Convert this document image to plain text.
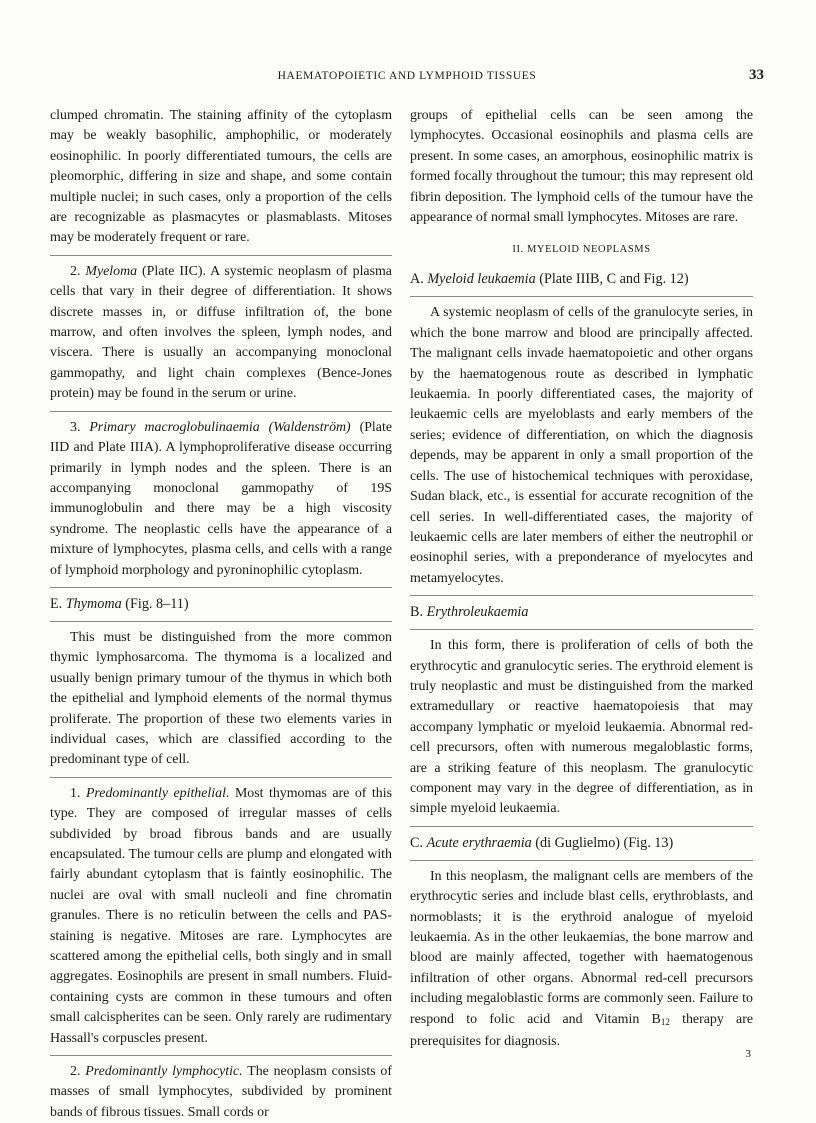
HAEMATOPOIETIC AND LYMPHOID TISSUES	33

clumped chromatin. The staining affinity of the cytoplasm may be weakly basophilic, amphophilic, or moderately eosinophilic. In poorly differentiated tumours, the cells are pleomorphic, differing in size and shape, and some contain multiple nuclei; in such cases, only a proportion of the cells are recognizable as plasmacytes or plasmablasts. Mitoses may be moderately frequent or rare.

2. Myeloma (Plate IIC). A systemic neoplasm of plasma cells that vary in their degree of differentiation. It shows discrete masses in, or diffuse infiltration of, the bone marrow, and often involves the spleen, lymph nodes, and viscera. There is usually an accompanying monoclonal gammopathy, and light chain complexes (Bence-Jones protein) may be found in the serum or urine.

3. Primary macroglobulinaemia (Waldenström) (Plate IID and Plate IIIA). A lymphoproliferative disease occurring primarily in lymph nodes and the spleen. There is an accompanying monoclonal gammopathy of 19S immunoglobulin and there may be a high viscosity syndrome. The neoplastic cells have the appearance of a mixture of lymphocytes, plasma cells, and cells with a range of lymphoid morphology and pyroninophilic cytoplasm.

E. Thymoma (Fig. 8–11)

This must be distinguished from the more common thymic lymphosarcoma. The thymoma is a localized and usually benign primary tumour of the thymus in which both the epithelial and lymphoid elements of the normal thymus proliferate. The proportion of these two elements varies in individual cases, which are classified according to the predominant type of cell.

1. Predominantly epithelial. Most thymomas are of this type. They are composed of irregular masses of cells subdivided by broad fibrous bands and are usually encapsulated. The tumour cells are plump and elongated with fairly abundant cytoplasm that is faintly eosinophilic. The nuclei are oval with small nucleoli and fine chromatin granules. There is no reticulin between the cells and PAS-staining is negative. Mitoses are rare. Lymphocytes are scattered among the epithelial cells, both singly and in small aggregates. Eosinophils are present in small numbers. Fluid-containing cysts are common in these tumours and often small calcispherites can be seen. Only rarely are rudimentary Hassall's corpuscles present.

2. Predominantly lymphocytic. The neoplasm consists of masses of small lymphocytes, subdivided by prominent bands of fibrous tissues. Small cords or

groups of epithelial cells can be seen among the lymphocytes. Occasional eosinophils and plasma cells are present. In some cases, an amorphous, eosinophilic matrix is formed focally throughout the tumour; this may represent old fibrin deposition. The lymphoid cells of the tumour have the appearance of normal small lymphocytes. Mitoses are rare.

II. MYELOID NEOPLASMS
A. Myeloid leukaemia (Plate IIIB, C and Fig. 12)

A systemic neoplasm of cells of the granulocyte series, in which the bone marrow and blood are principally affected. The malignant cells invade haematopoietic and other organs by the haematogenous route as described in lymphatic leukaemia. In poorly differentiated cases, the majority of leukaemic cells are myeloblasts and early members of the series; evidence of differentiation, on which the diagnosis depends, may be apparent in only a small proportion of the cells. The use of histochemical techniques with peroxidase, Sudan black, etc., is essential for accurate recognition of the cell series. In well-differentiated cases, the majority of leukaemic cells are later members of either the neutrophil or eosinophil series, with a preponderance of myelocytes and metamyelocytes.

B. Erythroleukaemia

In this form, there is proliferation of cells of both the erythrocytic and granulocytic series. The erythroid element is truly neoplastic and must be distinguished from the marked extramedullary or reactive haematopoiesis that may accompany lymphatic or myeloid leukaemia. Abnormal red-cell precursors, often with numerous megaloblastic forms, are a striking feature of this neoplasm. The granulocytic component may vary in the degree of differentiation, as in simple myeloid leukaemia.

C. Acute erythraemia (di Guglielmo) (Fig. 13)

In this neoplasm, the malignant cells are members of the erythrocytic series and include blast cells, erythroblasts, and normoblasts; it is the erythroid analogue of myeloid leukaemia. As in the other leukaemias, the bone marrow and blood are mainly affected, together with haematogenous infiltration of other organs. Abnormal red-cell precursors including megaloblastic forms are commonly seen. Failure to respond to folic acid and Vitamin $B_{12}$ therapy are prerequisites for diagnosis.

3
